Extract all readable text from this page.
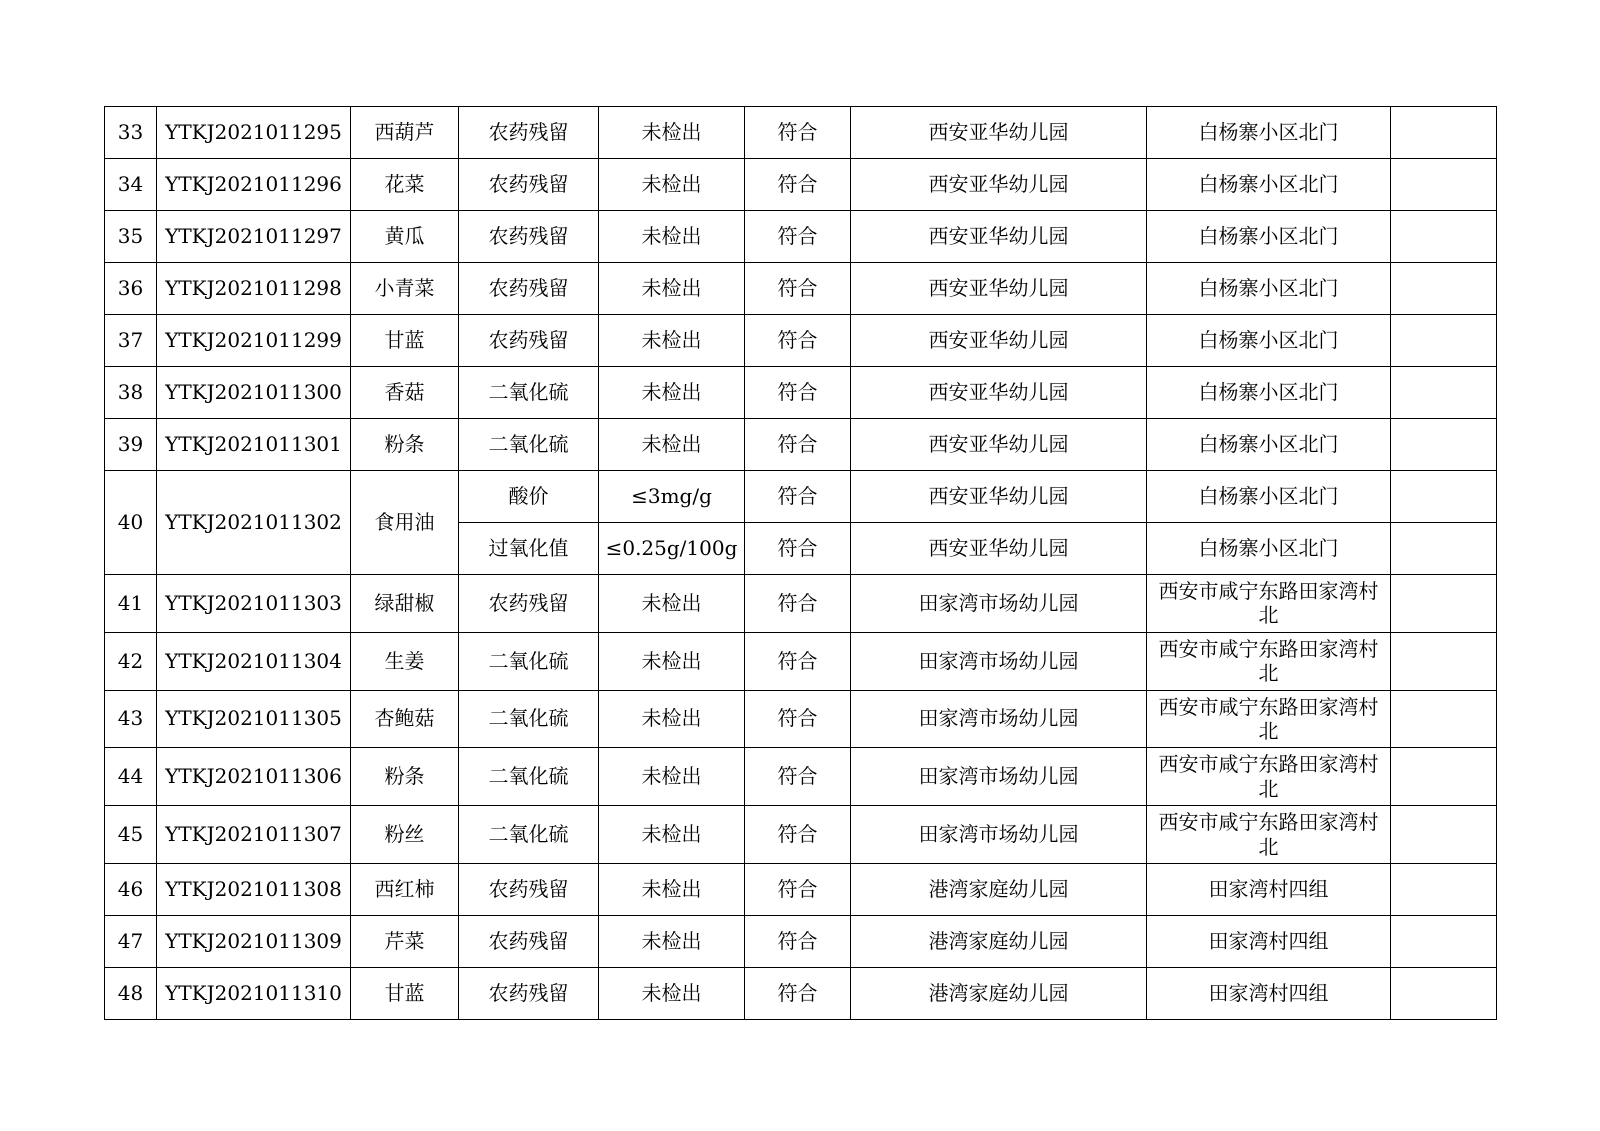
33	YTKJ2021011295	西葫芦	农药残留	未检出	符合	西安亚华幼儿园	白杨寨小区北门	
34	YTKJ2021011296	花菜	农药残留	未检出	符合	西安亚华幼儿园	白杨寨小区北门	
35	YTKJ2021011297	黄瓜	农药残留	未检出	符合	西安亚华幼儿园	白杨寨小区北门	
36	YTKJ2021011298	小青菜	农药残留	未检出	符合	西安亚华幼儿园	白杨寨小区北门	
37	YTKJ2021011299	甘蓝	农药残留	未检出	符合	西安亚华幼儿园	白杨寨小区北门	
38	YTKJ2021011300	香菇	二氧化硫	未检出	符合	西安亚华幼儿园	白杨寨小区北门	
39	YTKJ2021011301	粉条	二氧化硫	未检出	符合	西安亚华幼儿园	白杨寨小区北门	
40	YTKJ2021011302	食用油	酸价	≤3mg/g	符合	西安亚华幼儿园	白杨寨小区北门	
			过氧化值	≤0.25g/100g	符合	西安亚华幼儿园	白杨寨小区北门	
41	YTKJ2021011303	绿甜椒	农药残留	未检出	符合	田家湾市场幼儿园	西安市咸宁东路田家湾村北	

42	YTKJ2021011304	生姜	二氧化硫	未检出	符合	田家湾市场幼儿园	西安市咸宁东路田家湾村北	

43	YTKJ2021011305	杏鲍菇	二氧化硫	未检出	符合	田家湾市场幼儿园	西安市咸宁东路田家湾村北	

44	YTKJ2021011306	粉条	二氧化硫	未检出	符合	田家湾市场幼儿园	西安市咸宁东路田家湾村北	

45	YTKJ2021011307	粉丝	二氧化硫	未检出	符合	田家湾市场幼儿园	西安市咸宁东路田家湾村北	

46	YTKJ2021011308	西红柿	农药残留	未检出	符合	港湾家庭幼儿园	田家湾村四组	
47	YTKJ2021011309	芹菜	农药残留	未检出	符合	港湾家庭幼儿园	田家湾村四组	
48	YTKJ2021011310	甘蓝	农药残留	未检出	符合	港湾家庭幼儿园	田家湾村四组	
